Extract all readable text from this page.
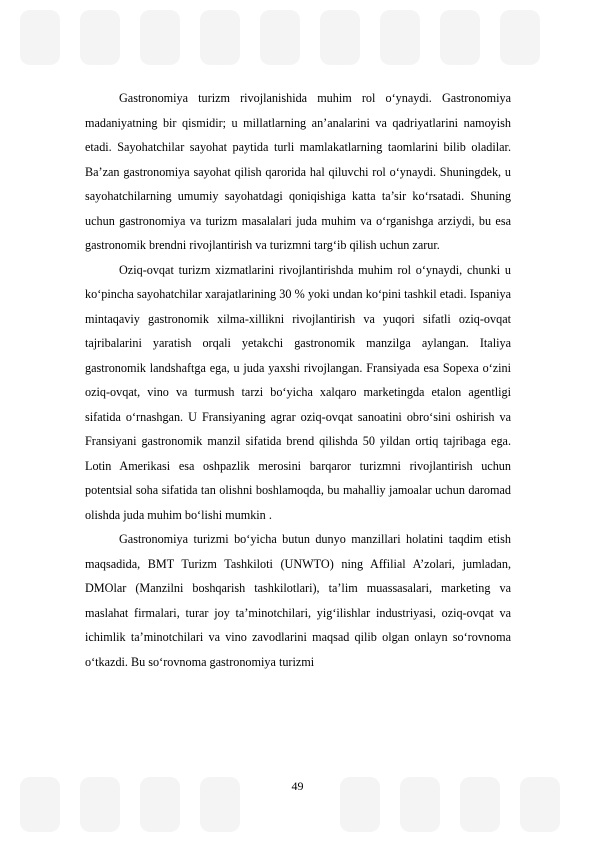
Gastronomiya turizm rivojlanishida muhim rol o‘ynaydi. Gastronomiya madaniyatning bir qismidir; u millatlarning an’analarini va qadriyatlarini namoyish etadi. Sayohatchilar sayohat paytida turli mamlakatlarning taomlarini bilib oladilar. Ba’zan gastronomiya sayohat qilish qarorida hal qiluvchi rol o‘ynaydi. Shuningdek, u sayohatchilarning umumiy sayohatdagi qoniqishiga katta ta’sir ko‘rsatadi. Shuning uchun gastronomiya va turizm masalalari juda muhim va o‘rganishga arziydi, bu esa gastronomik brendni rivojlantirish va turizmni targ‘ib qilish uchun zarur.

Oziq-ovqat turizm xizmatlarini rivojlantirishda muhim rol o‘ynaydi, chunki u ko‘pincha sayohatchilar xarajatlarining 30 % yoki undan ko‘pini tashkil etadi. Ispaniya mintaqaviy gastronomik xilma-xillikni rivojlantirish va yuqori sifatli oziq-ovqat tajribalarini yaratish orqali yetakchi gastronomik manzilga aylangan. Italiya gastronomik landshaftga ega, u juda yaxshi rivojlangan. Fransiyada esa Sopexa o‘zini oziq-ovqat, vino va turmush tarzi bo‘yicha xalqaro marketingda etalon agentligi sifatida o‘rnashgan. U Fransiyaning agrar oziq-ovqat sanoatini obro‘sini oshirish va Fransiyani gastronomik manzil sifatida brend qilishda 50 yildan ortiq tajribaga ega. Lotin Amerikasi esa oshpazlik merosini barqaror turizmni rivojlantirish uchun potentsial soha sifatida tan olishni boshlamoqda, bu mahalliy jamoalar uchun daromad olishda juda muhim bo‘lishi mumkin .

Gastronomiya turizmi bo‘yicha butun dunyo manzillari holatini taqdim etish maqsadida, BMT Turizm Tashkiloti (UNWTO) ning Affilial A’zolari, jumladan, DMOlar (Manzilni boshqarish tashkilotlari), ta’lim muassasalari, marketing va maslahat firmalari, turar joy ta’minotchilari, yig‘ilishlar industriyasi, oziq-ovqat va ichimlik ta’minotchilari va vino zavodlarini maqsad qilib olgan onlayn so‘rovnoma o‘tkazdi. Bu so‘rovnoma gastronomiya turizmi

49
